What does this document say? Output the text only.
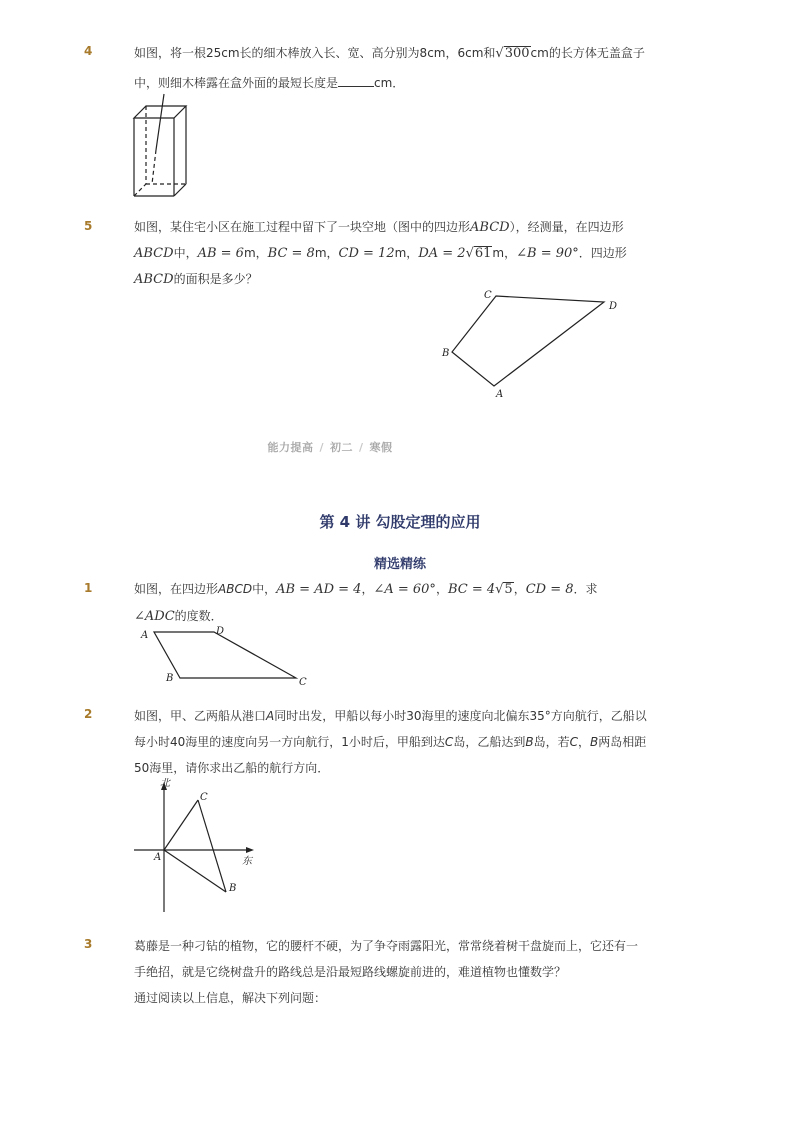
4	如图，将一根25cm长的细木棒放入长、宽、高分别为8cm，6cm和√300cm的长方体无盖盒子
中，则细木棒露在盒外面的最短长度是	cm．
5	如图，某住宅小区在施工过程中留下了一块空地（图中的四边形ABCD），经测量，在四边形
ABCD中，AB = 6m，BC = 8m，CD = 12m，DA = 2√61m，∠B = 90°．四边形
ABCD的面积是多少？
C
D
B
A
能力提高 / 初二 / 寒假
第 4 讲 勾股定理的应用
精选精练
1	如图，在四边形ABCD中，AB = AD = 4，∠A = 60°，BC = 4√5，CD = 8．求
∠ADC的度数．
A	D
B	C
2	如图，甲、乙两船从港口A同时出发，甲船以每小时30海里的速度向北偏东35°方向航行，乙船以
每小时40海里的速度向另一方向航行，1小时后，甲船到达C岛，乙船达到B岛，若C，B两岛相距
50海里，请你求出乙船的航行方向．
北
东
A
C
B
3	葛藤是一种刁钻的植物，它的腰杆不硬，为了争夺雨露阳光，常常绕着树干盘旋而上，它还有一
手绝招，就是它绕树盘升的路线总是沿最短路线螺旋前进的，难道植物也懂数学？
通过阅读以上信息，解决下列问题：
